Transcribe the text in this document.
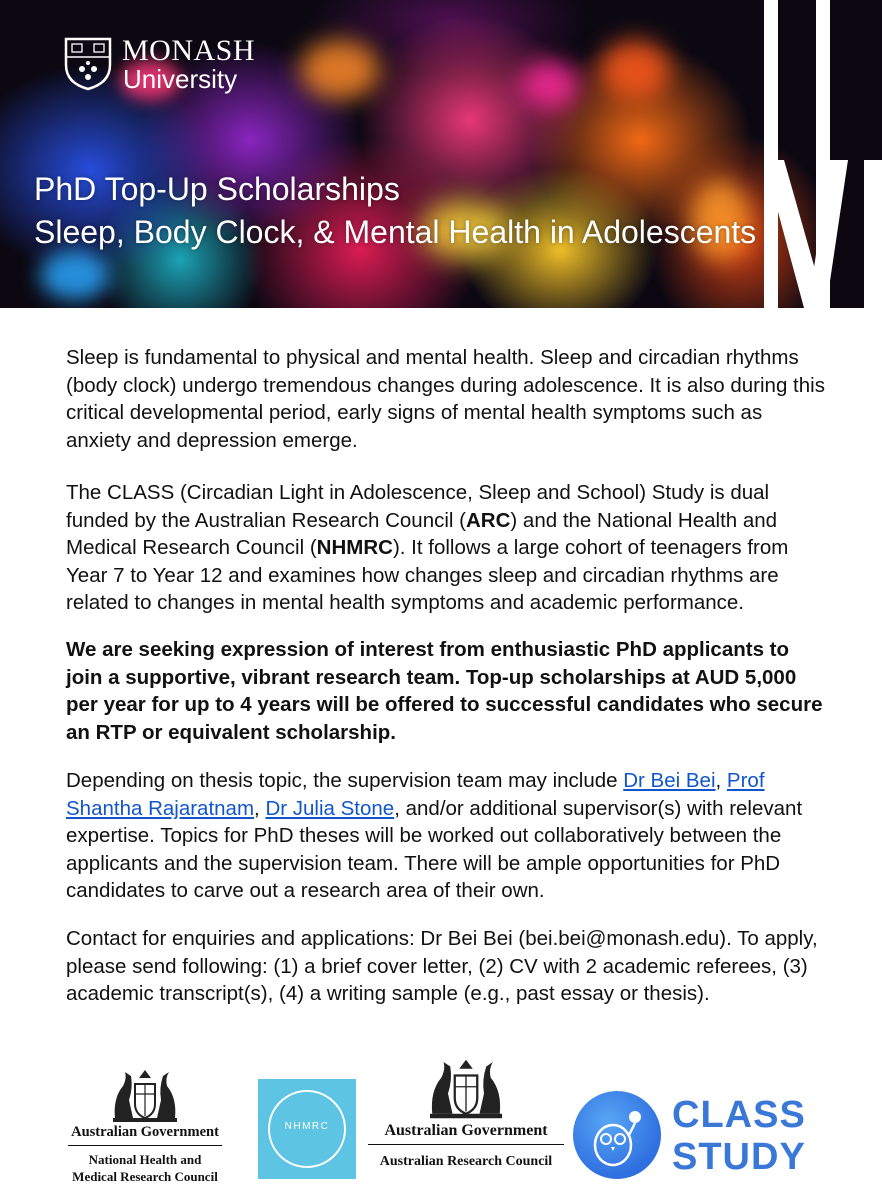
MONASH
University
PhD Top-Up Scholarships
Sleep, Body Clock, & Mental Health in Adolescents

Sleep is fundamental to physical and mental health. Sleep and circadian rhythms (body clock) undergo tremendous changes during adolescence. It is also during this critical developmental period, early signs of mental health symptoms such as anxiety and depression emerge.

The CLASS (Circadian Light in Adolescence, Sleep and School) Study is dual funded by the Australian Research Council (ARC) and the National Health and Medical Research Council (NHMRC). It follows a large cohort of teenagers from Year 7 to Year 12 and examines how changes sleep and circadian rhythms are related to changes in mental health symptoms and academic performance.

We are seeking expression of interest from enthusiastic PhD applicants to join a supportive, vibrant research team. Top-up scholarships at AUD 5,000 per year for up to 4 years will be offered to successful candidates who secure an RTP or equivalent scholarship.

Depending on thesis topic, the supervision team may include Dr Bei Bei, Prof Shantha Rajaratnam, Dr Julia Stone, and/or additional supervisor(s) with relevant expertise. Topics for PhD theses will be worked out collaboratively between the applicants and the supervision team. There will be ample opportunities for PhD candidates to carve out a research area of their own.

Contact for enquiries and applications: Dr Bei Bei (bei.bei@monash.edu). To apply, please send following: (1) a brief cover letter, (2) CV with 2 academic referees, (3) academic transcript(s), (4) a writing sample (e.g., past essay or thesis).

Australian Government
National Health and
Medical Research Council
NHMRC	Australian Government
Australian Research Council
CLASS
STUDY
